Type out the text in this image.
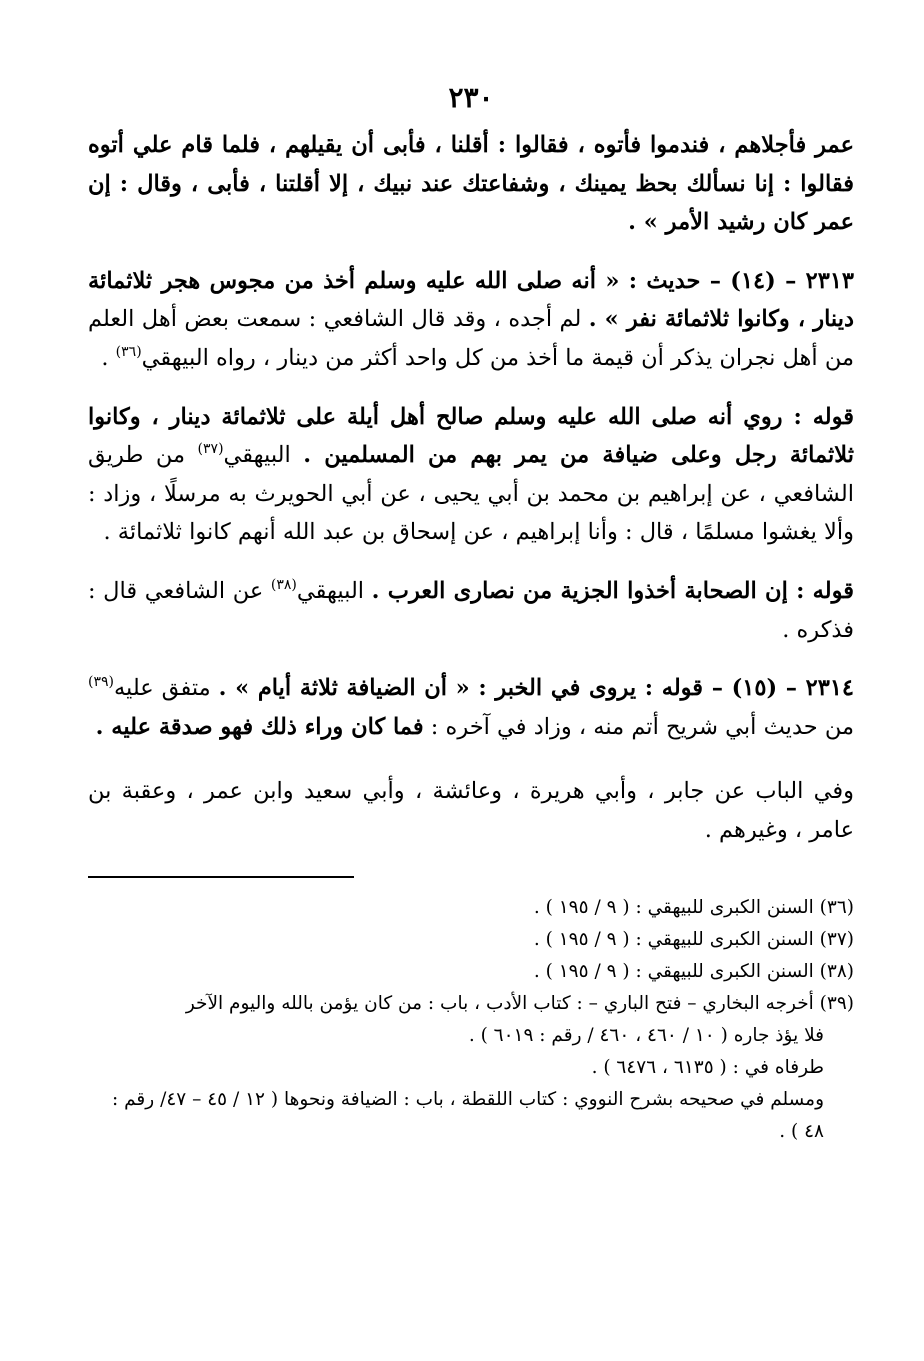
٢٣٠

عمر فأجلاهم ، فندموا فأتوه ، فقالوا : أقلنا ، فأبى أن يقيلهم ، فلما قام علي أتوه فقالوا : إنا نسألك بحظ يمينك ، وشفاعتك عند نبيك ، إلا أقلتنا ، فأبى ، وقال : إن عمر كان رشيد الأمر » .

٢٣١٣ – (١٤) – حديث : « أنه صلى الله عليه وسلم أخذ من مجوس هجر ثلاثمائة دينار ، وكانوا ثلاثمائة نفر » . لم أجده ، وقد قال الشافعي : سمعت بعض أهل العلم من أهل نجران يذكر أن قيمة ما أخذ من كل واحد أكثر من دينار ، رواه البيهقي$^{(٣٦)}$ .

قوله : روي أنه صلى الله عليه وسلم صالح أهل أيلة على ثلاثمائة دينار ، وكانوا ثلاثمائة رجل وعلى ضيافة من يمر بهم من المسلمين . البيهقي$^{(٣٧)}$ من طريق الشافعي ، عن إبراهيم بن محمد بن أبي يحيى ، عن أبي الحويرث به مرسلًا ، وزاد : وألا يغشوا مسلمًا ، قال : وأنا إبراهيم ، عن إسحاق بن عبد الله أنهم كانوا ثلاثمائة .

قوله : إن الصحابة أخذوا الجزية من نصارى العرب . البيهقي$^{(٣٨)}$ عن الشافعي قال : فذكره .

٢٣١٤ – (١٥) – قوله : يروى في الخبر : « أن الضيافة ثلاثة أيام » . متفق عليه$^{(٣٩)}$ من حديث أبي شريح أتم منه ، وزاد في آخره : فما كان وراء ذلك فهو صدقة عليه .

وفي الباب عن جابر ، وأبي هريرة ، وعائشة ، وأبي سعيد وابن عمر ، وعقبة بن عامر ، وغيرهم .

(٣٦) السنن الكبرى للبيهقي : ( ٩ / ١٩٥ ) .

(٣٧) السنن الكبرى للبيهقي : ( ٩ / ١٩٥ ) .

(٣٨) السنن الكبرى للبيهقي : ( ٩ / ١٩٥ ) .

(٣٩) أخرجه البخاري – فتح الباري – : كتاب الأدب ، باب : من كان يؤمن بالله واليوم الآخر

فلا يؤذ جاره ( ١٠ / ٤٦٠ ، ٤٦٠ / رقم : ٦٠١٩ ) .

طرفاه في : ( ٦١٣٥ ، ٦٤٧٦ ) .

ومسلم في صحيحه بشرح النووي : كتاب اللقطة ، باب : الضيافة ونحوها ( ١٢ / ٤٥ – ٤٧/ رقم : ٤٨ ) .
